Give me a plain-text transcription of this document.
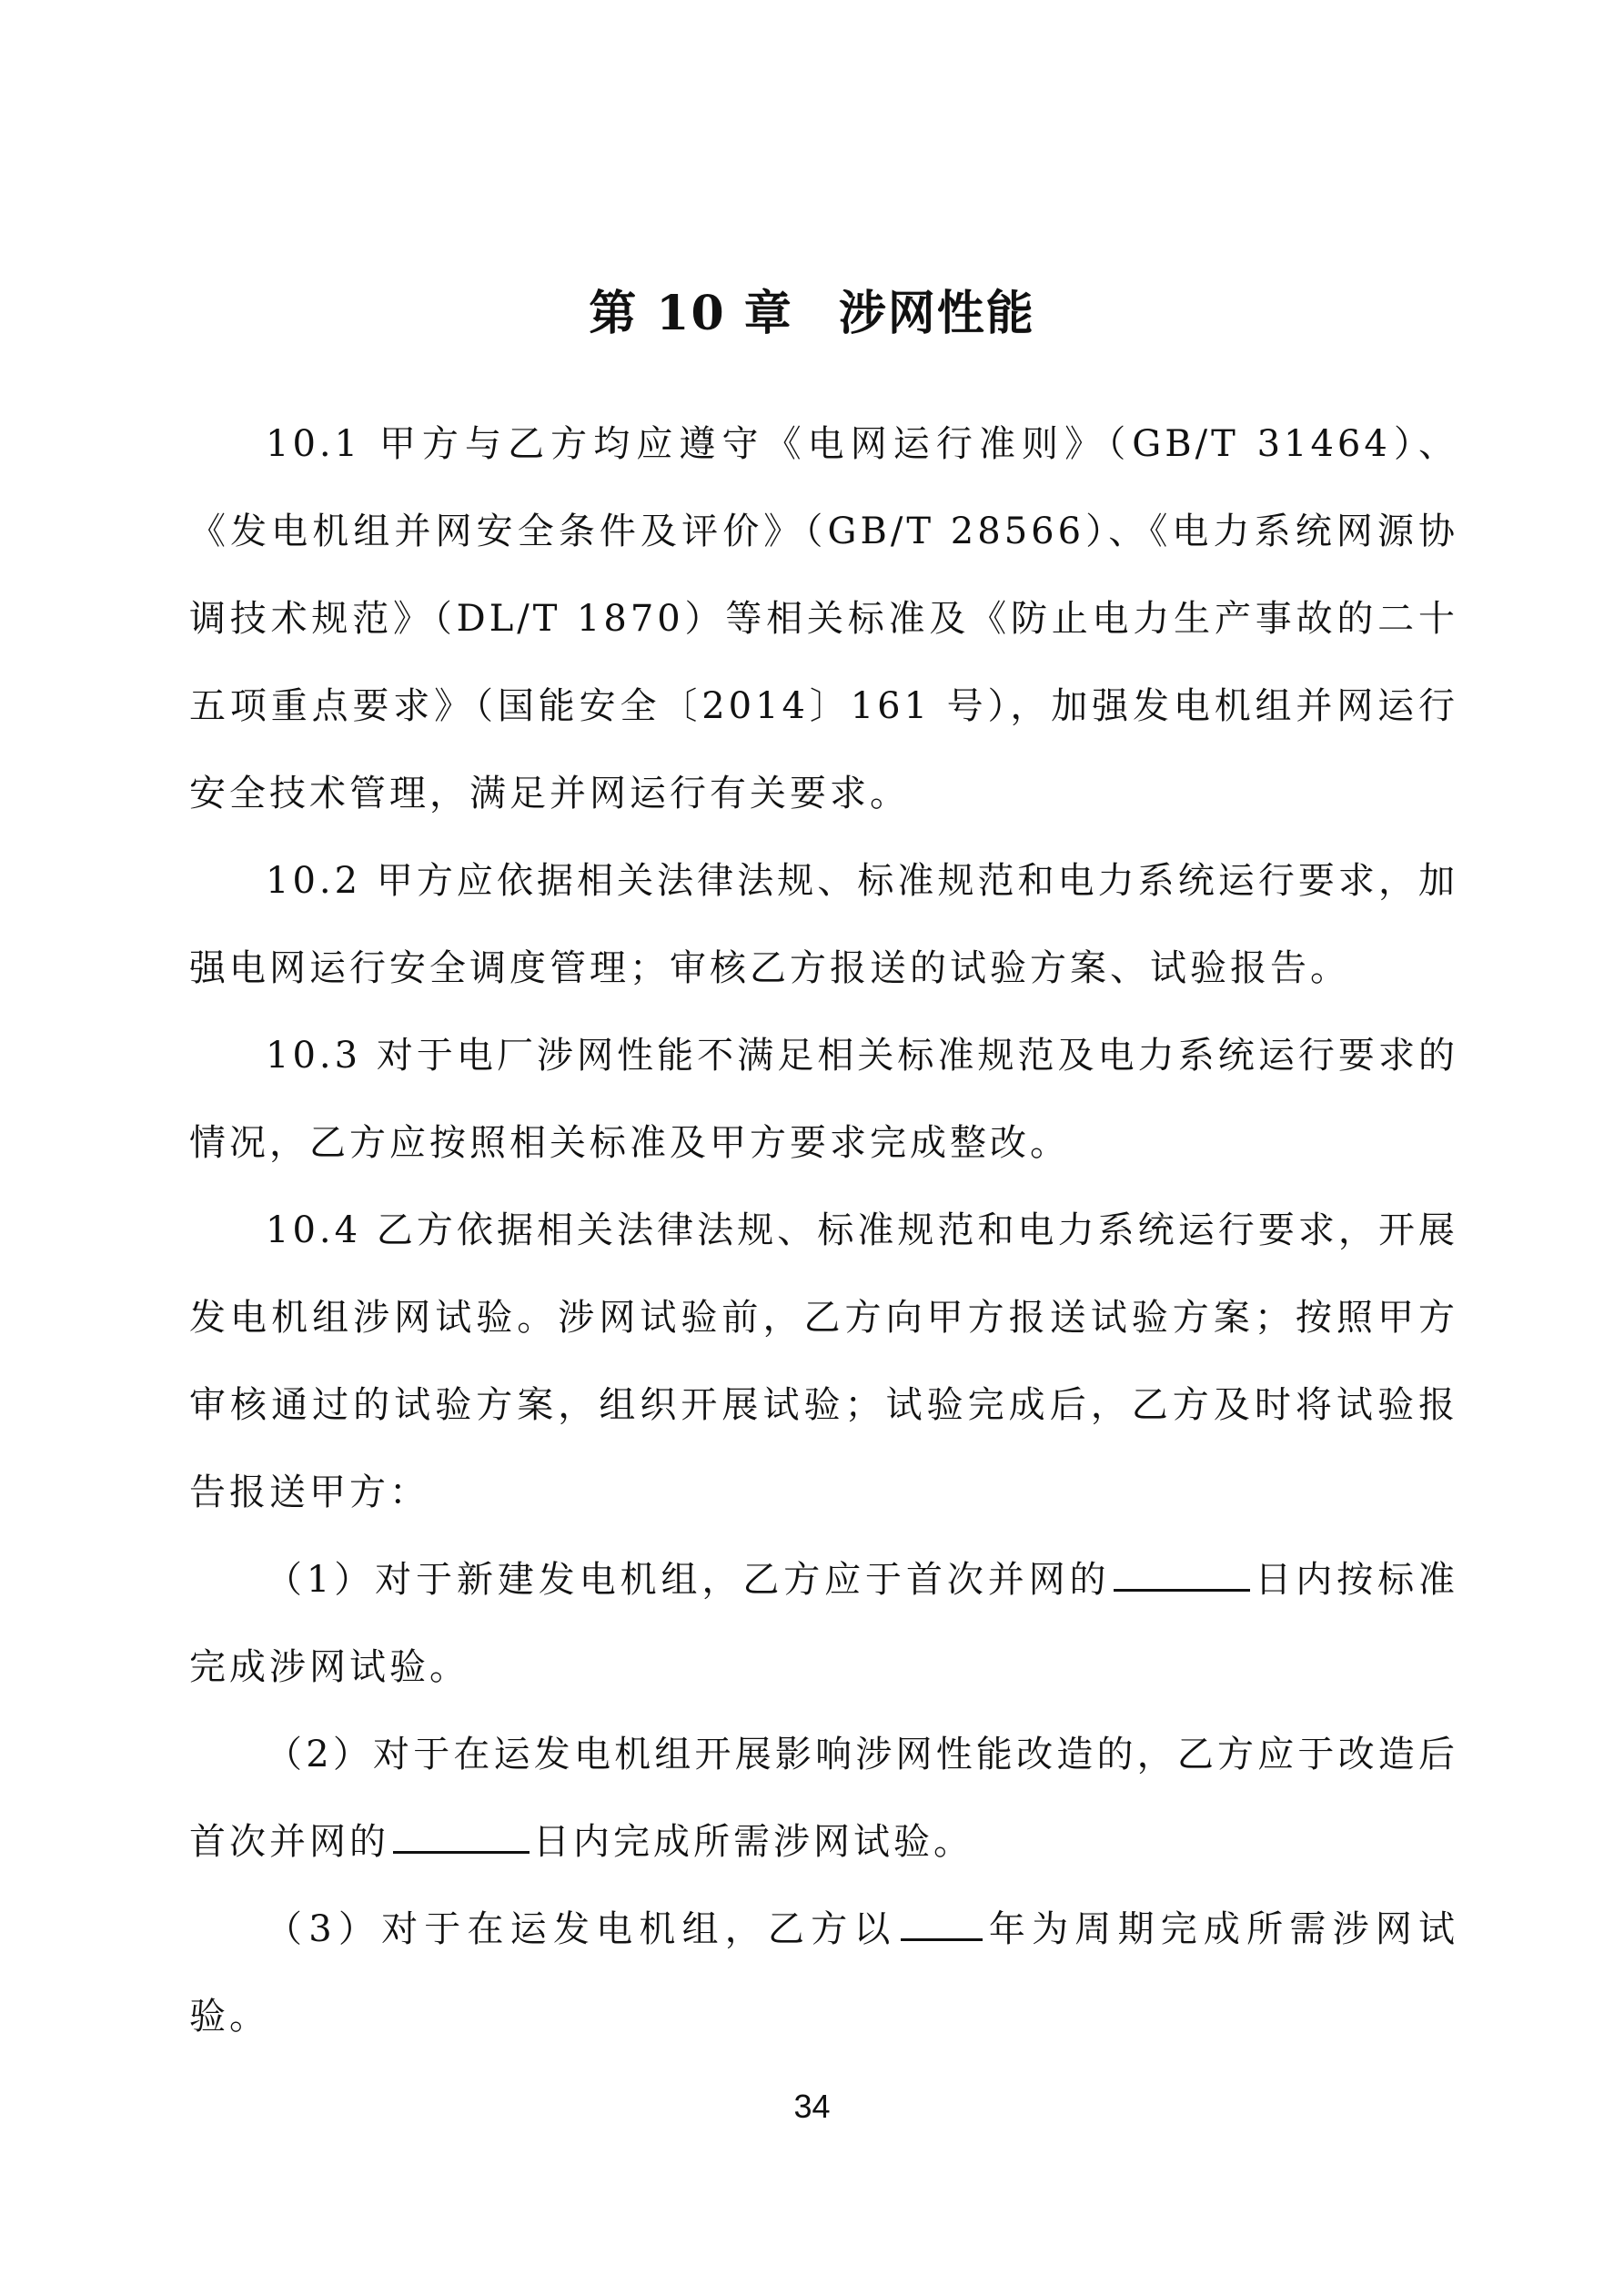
第 10 章 涉网性能

10.1 甲方与乙方均应遵守《电网运行准则》（GB/T 31464）、《发电机组并网安全条件及评价》（GB/T 28566）、《电力系统网源协调技术规范》（DL/T 1870）等相关标准及《防止电力生产事故的二十五项重点要求》（国能安全〔2014〕161 号），加强发电机组并网运行安全技术管理，满足并网运行有关要求。

10.2 甲方应依据相关法律法规、标准规范和电力系统运行要求，加强电网运行安全调度管理；审核乙方报送的试验方案、试验报告。

10.3 对于电厂涉网性能不满足相关标准规范及电力系统运行要求的情况，乙方应按照相关标准及甲方要求完成整改。

10.4 乙方依据相关法律法规、标准规范和电力系统运行要求，开展发电机组涉网试验。涉网试验前，乙方向甲方报送试验方案；按照甲方审核通过的试验方案，组织开展试验；试验完成后，乙方及时将试验报告报送甲方：

（1）对于新建发电机组，乙方应于首次并网的	日内按标准完成涉网试验。

（2）对于在运发电机组开展影响涉网性能改造的，乙方应于改造后首次并网的	日内完成所需涉网试验。

（3）对于在运发电机组，乙方以 年为周期完成所需涉网试验。

34
